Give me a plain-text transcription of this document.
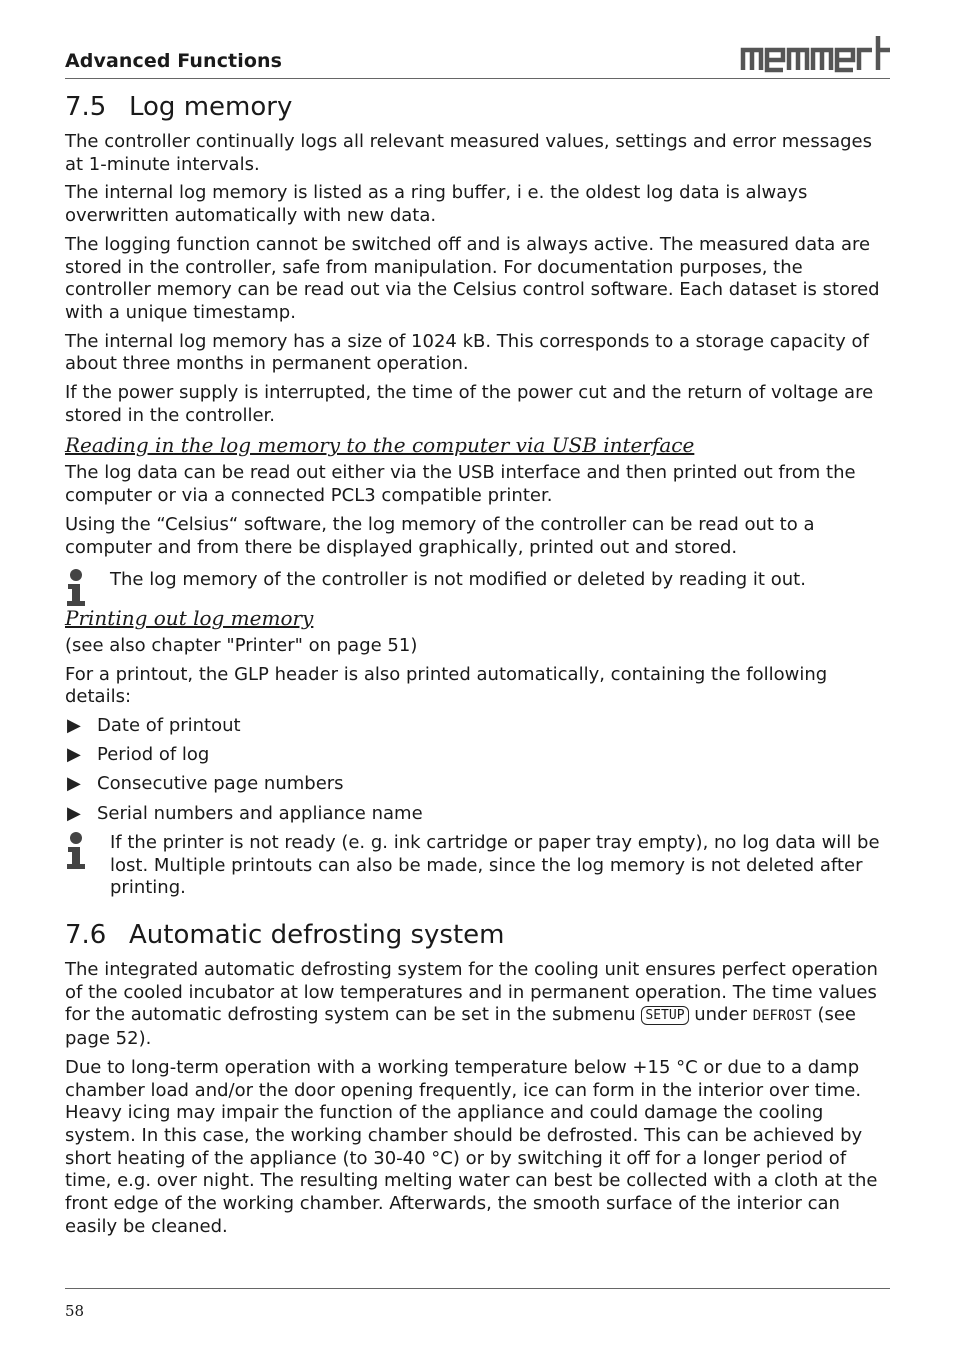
Advanced Functions
7.5 Log memory

The controller continually logs all relevant measured values, settings and error messages at 1-minute intervals.

The internal log memory is listed as a ring buffer, i e. the oldest log data is always overwritten automatically with new data.

The logging function cannot be switched off and is always active. The measured data are stored in the controller, safe from manipulation. For documentation purposes, the controller memory can be read out via the Celsius control software. Each dataset is stored with a unique timestamp.

The internal log memory has a size of 1024 kB. This corresponds to a storage capacity of about three months in permanent operation.

If the power supply is interrupted, the time of the power cut and the return of voltage are stored in the controller.

Reading in the log memory to the computer via USB interface

The log data can be read out either via the USB interface and then printed out from the computer or via a connected PCL3 compatible printer.

Using the “Celsius“ software, the log memory of the controller can be read out to a computer and from there be displayed graphically, printed out and stored.

The log memory of the controller is not modified or deleted by reading it out.
Printing out log memory

(see also chapter "Printer" on page 51)

For a printout, the GLP header is also printed automatically, containing the following details:

▶ Date of printout
▶ Period of log
▶ Consecutive page numbers
▶ Serial numbers and appliance name
If the printer is not ready (e. g. ink cartridge or paper tray empty), no log data will be lost. Multiple printouts can also be made, since the log memory is not deleted after printing.
7.6 Automatic defrosting system

The integrated automatic defrosting system for the cooling unit ensures perfect operation of the cooled incubator at low temperatures and in permanent operation. The time values for the automatic defrosting system can be set in the submenu SETUP under DEFROST (see page 52).

Due to long-term operation with a working temperature below +15 °C or due to a damp chamber load and/or the door opening frequently, ice can form in the interior over time. Heavy icing may impair the function of the appliance and could damage the cooling system. In this case, the working chamber should be defrosted. This can be achieved by short heating of the appliance (to 30-40 °C) or by switching it off for a longer period of time, e.g. over night. The resulting melting water can best be collected with a cloth at the front edge of the working chamber. Afterwards, the smooth surface of the interior can easily be cleaned.

58
